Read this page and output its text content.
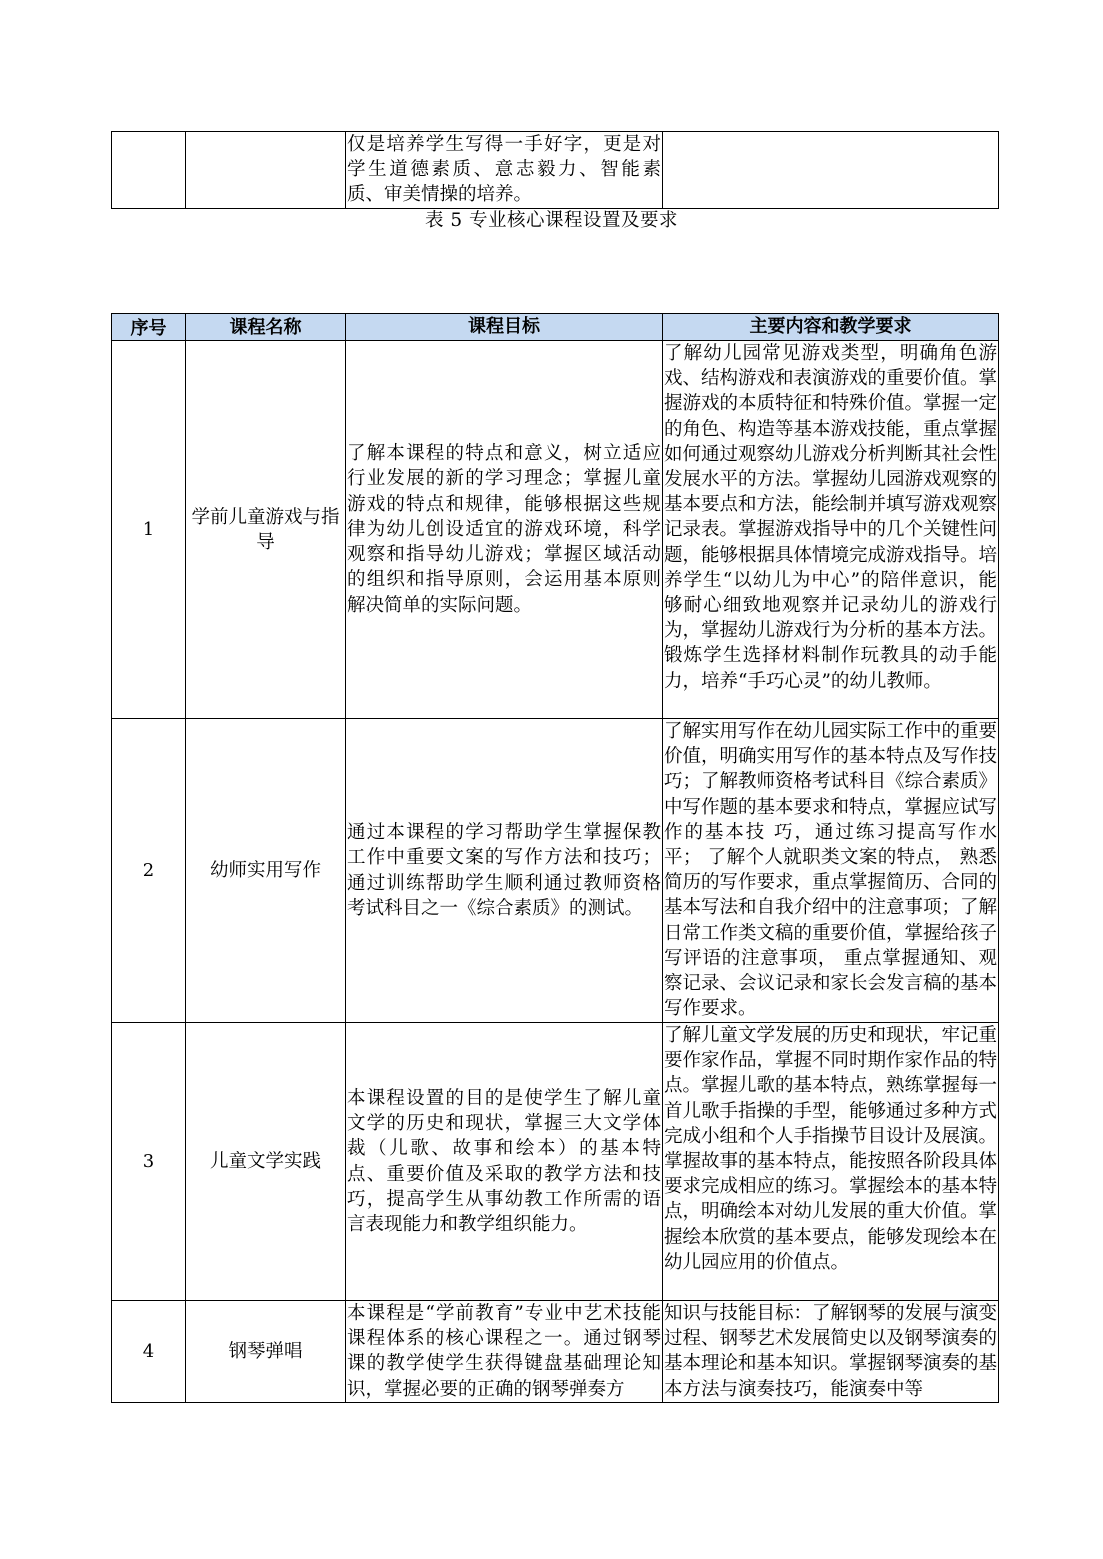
		仅是培养学生写得一手好字，更是对学生道德素质、意志毅力、智能素质、审美情操的培养。	
表 5 专业核心课程设置及要求
序号	课程名称	课程目标	主要内容和教学要求
1	学前儿童游戏与指导	了解本课程的特点和意义，树立适应行业发展的新的学习理念；掌握儿童游戏的特点和规律，能够根据这些规律为幼儿创设适宜的游戏环境，科学观察和指导幼儿游戏；掌握区域活动的组织和指导原则，会运用基本原则解决简单的实际问题。	了解幼儿园常见游戏类型，明确角色游戏、结构游戏和表演游戏的重要价值。掌握游戏的本质特征和特殊价值。掌握一定的角色、构造等基本游戏技能，重点掌握如何通过观察幼儿游戏分析判断其社会性发展水平的方法。掌握幼儿园游戏观察的基本要点和方法，能绘制并填写游戏观察记录表。掌握游戏指导中的几个关键性问题，能够根据具体情境完成游戏指导。培养学生“以幼儿为中心”的陪伴意识，能够耐心细致地观察并记录幼儿的游戏行为，掌握幼儿游戏行为分析的基本方法。锻炼学生选择材料制作玩教具的动手能力，培养“手巧心灵”的幼儿教师。
2	幼师实用写作	通过本课程的学习帮助学生掌握保教工作中重要文案的写作方法和技巧；通过训练帮助学生顺利通过教师资格考试科目之一《综合素质》的测试。	了解实用写作在幼儿园实际工作中的重要价值，明确实用写作的基本特点及写作技巧；了解教师资格考试科目《综合素质》中写作题的基本要求和特点，掌握应试写作的基本技 巧，通过练习提高写作水平； 了解个人就职类文案的特点， 熟悉简历的写作要求，重点掌握简历、合同的基本写法和自我介绍中的注意事项；了解日常工作类文稿的重要价值，掌握给孩子写评语的注意事项， 重点掌握通知、观察记录、会议记录和家长会发言稿的基本写作要求。
3	儿童文学实践	本课程设置的目的是使学生了解儿童文学的历史和现状，掌握三大文学体裁（儿歌、故事和绘本）的基本特点、重要价值及采取的教学方法和技巧，提高学生从事幼教工作所需的语言表现能力和教学组织能力。	了解儿童文学发展的历史和现状，牢记重要作家作品，掌握不同时期作家作品的特点。掌握儿歌的基本特点，熟练掌握每一首儿歌手指操的手型，能够通过多种方式完成小组和个人手指操节目设计及展演。掌握故事的基本特点，能按照各阶段具体要求完成相应的练习。掌握绘本的基本特点，明确绘本对幼儿发展的重大价值。掌握绘本欣赏的基本要点，能够发现绘本在幼儿园应用的价值点。
4	钢琴弹唱	本课程是“学前教育”专业中艺术技能课程体系的核心课程之一。通过钢琴课的教学使学生获得键盘基础理论知识，掌握必要的正确的钢琴弹奏方	知识与技能目标：了解钢琴的发展与演变过程、钢琴艺术发展简史以及钢琴演奏的基本理论和基本知识。掌握钢琴演奏的基本方法与演奏技巧，能演奏中等
